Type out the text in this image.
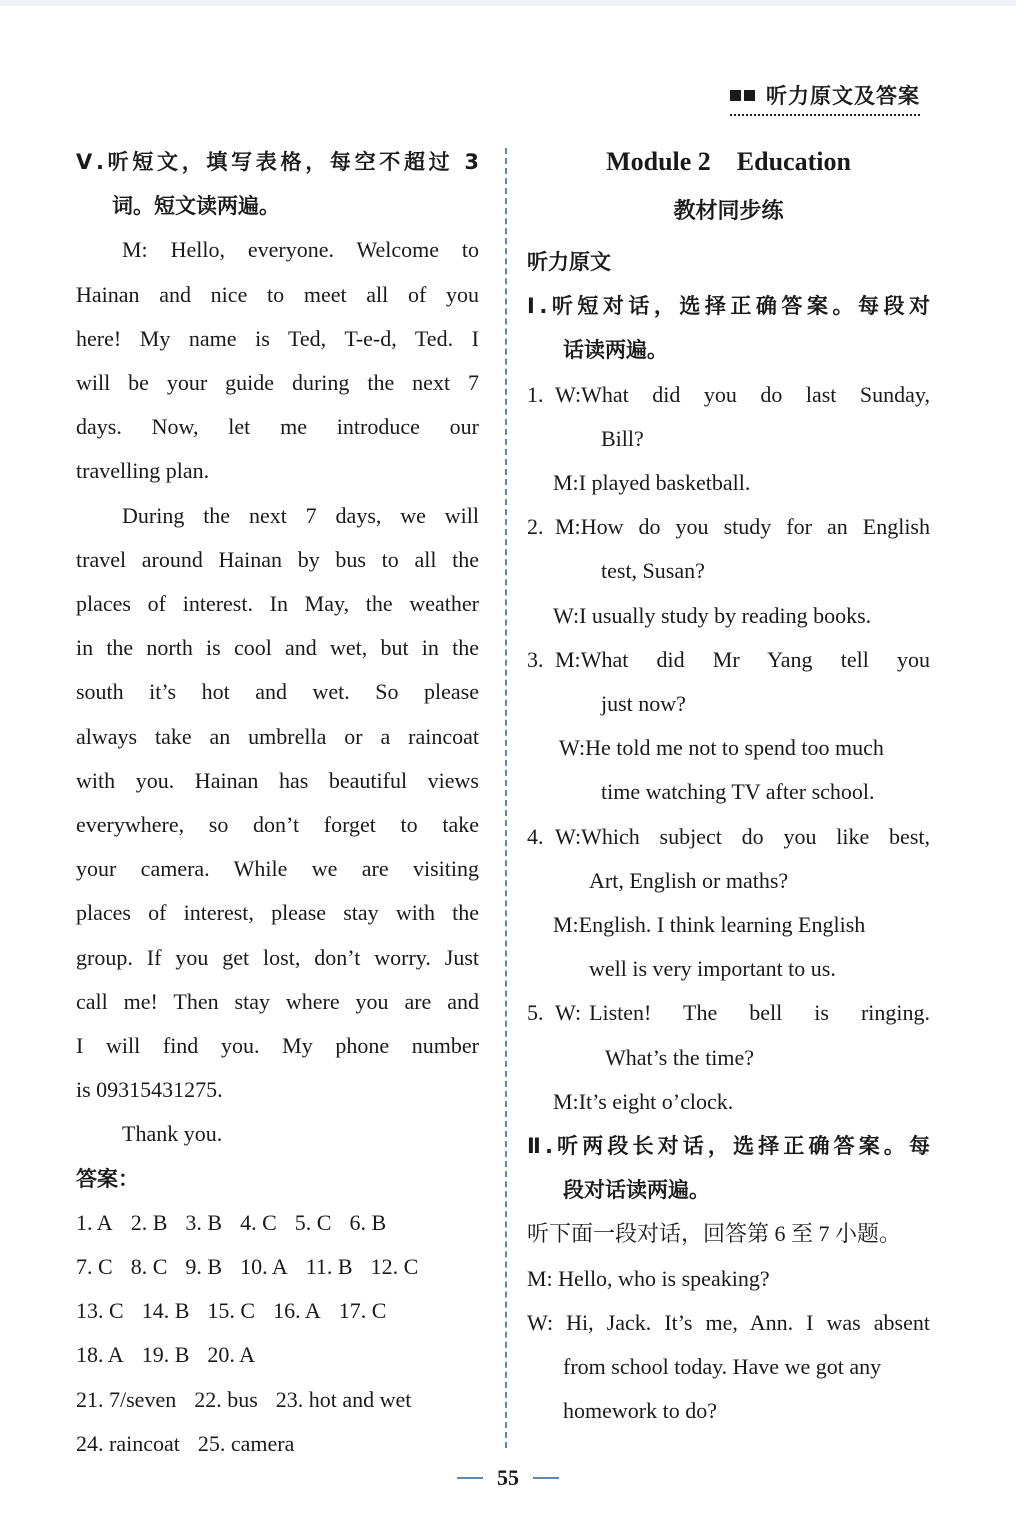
听力原文及答案
Ⅴ.听短文，填写表格，每空不超过 3
词。短文读两遍。
M: Hello, everyone. Welcome to
Hainan and nice to meet all of you
here! My name is Ted, T-e-d, Ted. I
will be your guide during the next 7
days. Now, let me introduce our
travelling plan.
During the next 7 days, we will
travel around Hainan by bus to all the
places of interest. In May, the weather
in the north is cool and wet, but in the
south it’s hot and wet. So please
always take an umbrella or a raincoat
with you. Hainan has beautiful views
everywhere, so don’t forget to take
your camera. While we are visiting
places of interest, please stay with the
group. If you get lost, don’t worry. Just
call me! Then stay where you are and
I will find you. My phone number
is 09315431275.
Thank you.
答案：
1. A 2. B 3. B 4. C 5. C 6. B
7. C 8. C 9. B 10. A 11. B 12. C
13. C 14. B 15. C 16. A 17. C
18. A 19. B 20. A
21. 7/seven 22. bus 23. hot and wet
24. raincoat 25. camera
Module 2　Education
教材同步练
听力原文
Ⅰ.听短对话，选择正确答案。每段对
话读两遍。
1. W: What did you do last Sunday,
Bill?
M:I played basketball.
2. M: How do you study for an English
test, Susan?
W:I usually study by reading books.
3. M: What did Mr Yang tell you
just now?
W:He told me not to spend too much
time watching TV after school.
4. W: Which subject do you like best,
Art, English or maths?
M:English. I think learning English
well is very important to us.
5. W: Listen! The bell is ringing.
What’s the time?
M:It’s eight o’clock.
Ⅱ.听两段长对话，选择正确答案。每
段对话读两遍。
听下面一段对话，回答第 6 至 7 小题。
M: Hello, who is speaking?
W: Hi, Jack. It’s me, Ann. I was absent
from school today. Have we got any
homework to do?
55
